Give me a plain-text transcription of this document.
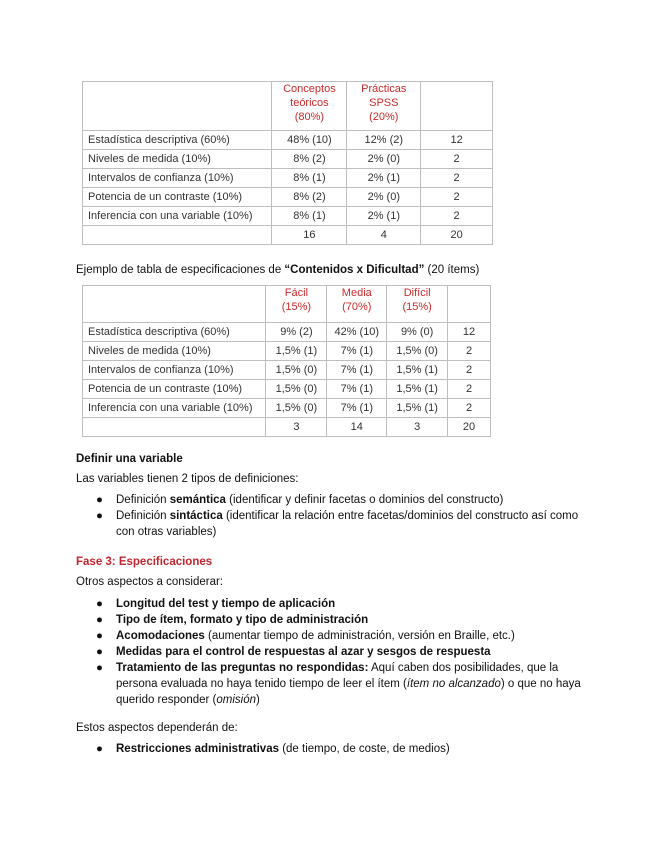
	Conceptos
teóricos
(80%)	Prácticas
SPSS
(20%)	

Estadística descriptiva (60%)	48% (10)	12% (2)	12
Niveles de medida (10%)	8% (2)	2% (0)	2
Intervalos de confianza (10%)	8% (1)	2% (1)	2
Potencia de un contraste (10%)	8% (2)	2% (0)	2
Inferencia con una variable (10%)	8% (1)	2% (1)	2
	16	4	20
Ejemplo de tabla de especificaciones de “Contenidos x Dificultad” (20 ítems)

	Fácil
(15%)	Media
(70%)	Difícil
(15%)	

Estadística descriptiva (60%)	9% (2)	42% (10)	9% (0)	12
Niveles de medida (10%)	1,5% (1)	7% (1)	1,5% (0)	2
Intervalos de confianza (10%)	1,5% (0)	7% (1)	1,5% (1)	2
Potencia de un contraste (10%)	1,5% (0)	7% (1)	1,5% (1)	2
Inferencia con una variable (10%)	1,5% (0)	7% (1)	1,5% (1)	2
	3	14	3	20
Definir una variable
Las variables tienen 2 tipos de definiciones:
● Definición semántica (identificar y definir facetas o dominios del constructo)
● Definición sintáctica (identificar la relación entre facetas/dominios del constructo así como con otras variables)
Fase 3: Especificaciones
Otros aspectos a considerar:
● Longitud del test y tiempo de aplicación
● Tipo de ítem, formato y tipo de administración
● Acomodaciones (aumentar tiempo de administración, versión en Braille, etc.)
● Medidas para el control de respuestas al azar y sesgos de respuesta
● Tratamiento de las preguntas no respondidas: Aquí caben dos posibilidades, que la persona evaluada no haya tenido tiempo de leer el ítem (ítem no alcanzado) o que no haya querido responder (omisión)
Estos aspectos dependerán de:
● Restricciones administrativas (de tiempo, de coste, de medios)
